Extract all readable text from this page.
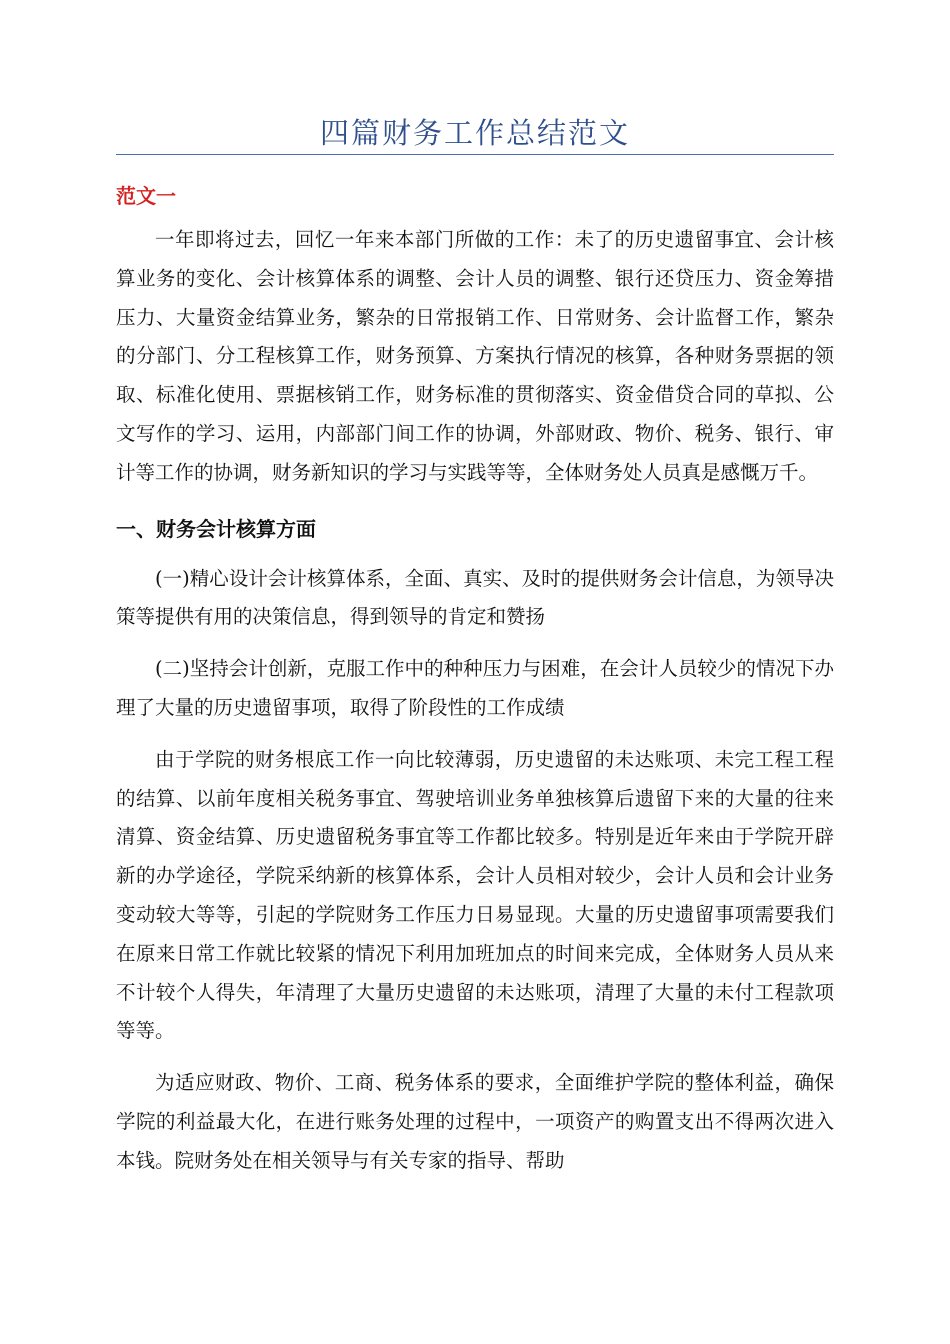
四篇财务工作总结范文
范文一

一年即将过去，回忆一年来本部门所做的工作：未了的历史遗留事宜、会计核算业务的变化、会计核算体系的调整、会计人员的调整、银行还贷压力、资金筹措压力、大量资金结算业务，繁杂的日常报销工作、日常财务、会计监督工作，繁杂的分部门、分工程核算工作，财务预算、方案执行情况的核算，各种财务票据的领取、标准化使用、票据核销工作，财务标准的贯彻落实、资金借贷合同的草拟、公文写作的学习、运用，内部部门间工作的协调，外部财政、物价、税务、银行、审计等工作的协调，财务新知识的学习与实践等等，全体财务处人员真是感慨万千。

一、财务会计核算方面

(一)精心设计会计核算体系，全面、真实、及时的提供财务会计信息，为领导决策等提供有用的决策信息，得到领导的肯定和赞扬

(二)坚持会计创新，克服工作中的种种压力与困难，在会计人员较少的情况下办理了大量的历史遗留事项，取得了阶段性的工作成绩

由于学院的财务根底工作一向比较薄弱，历史遗留的未达账项、未完工程工程的结算、以前年度相关税务事宜、驾驶培训业务单独核算后遗留下来的大量的往来清算、资金结算、历史遗留税务事宜等工作都比较多。特别是近年来由于学院开辟新的办学途径，学院采纳新的核算体系，会计人员相对较少，会计人员和会计业务变动较大等等，引起的学院财务工作压力日易显现。大量的历史遗留事项需要我们在原来日常工作就比较紧的情况下利用加班加点的时间来完成，全体财务人员从来不计较个人得失，年清理了大量历史遗留的未达账项，清理了大量的未付工程款项等等。

为适应财政、物价、工商、税务体系的要求，全面维护学院的整体利益，确保学院的利益最大化，在进行账务处理的过程中，一项资产的购置支出不得两次进入本钱。院财务处在相关领导与有关专家的指导、帮助
